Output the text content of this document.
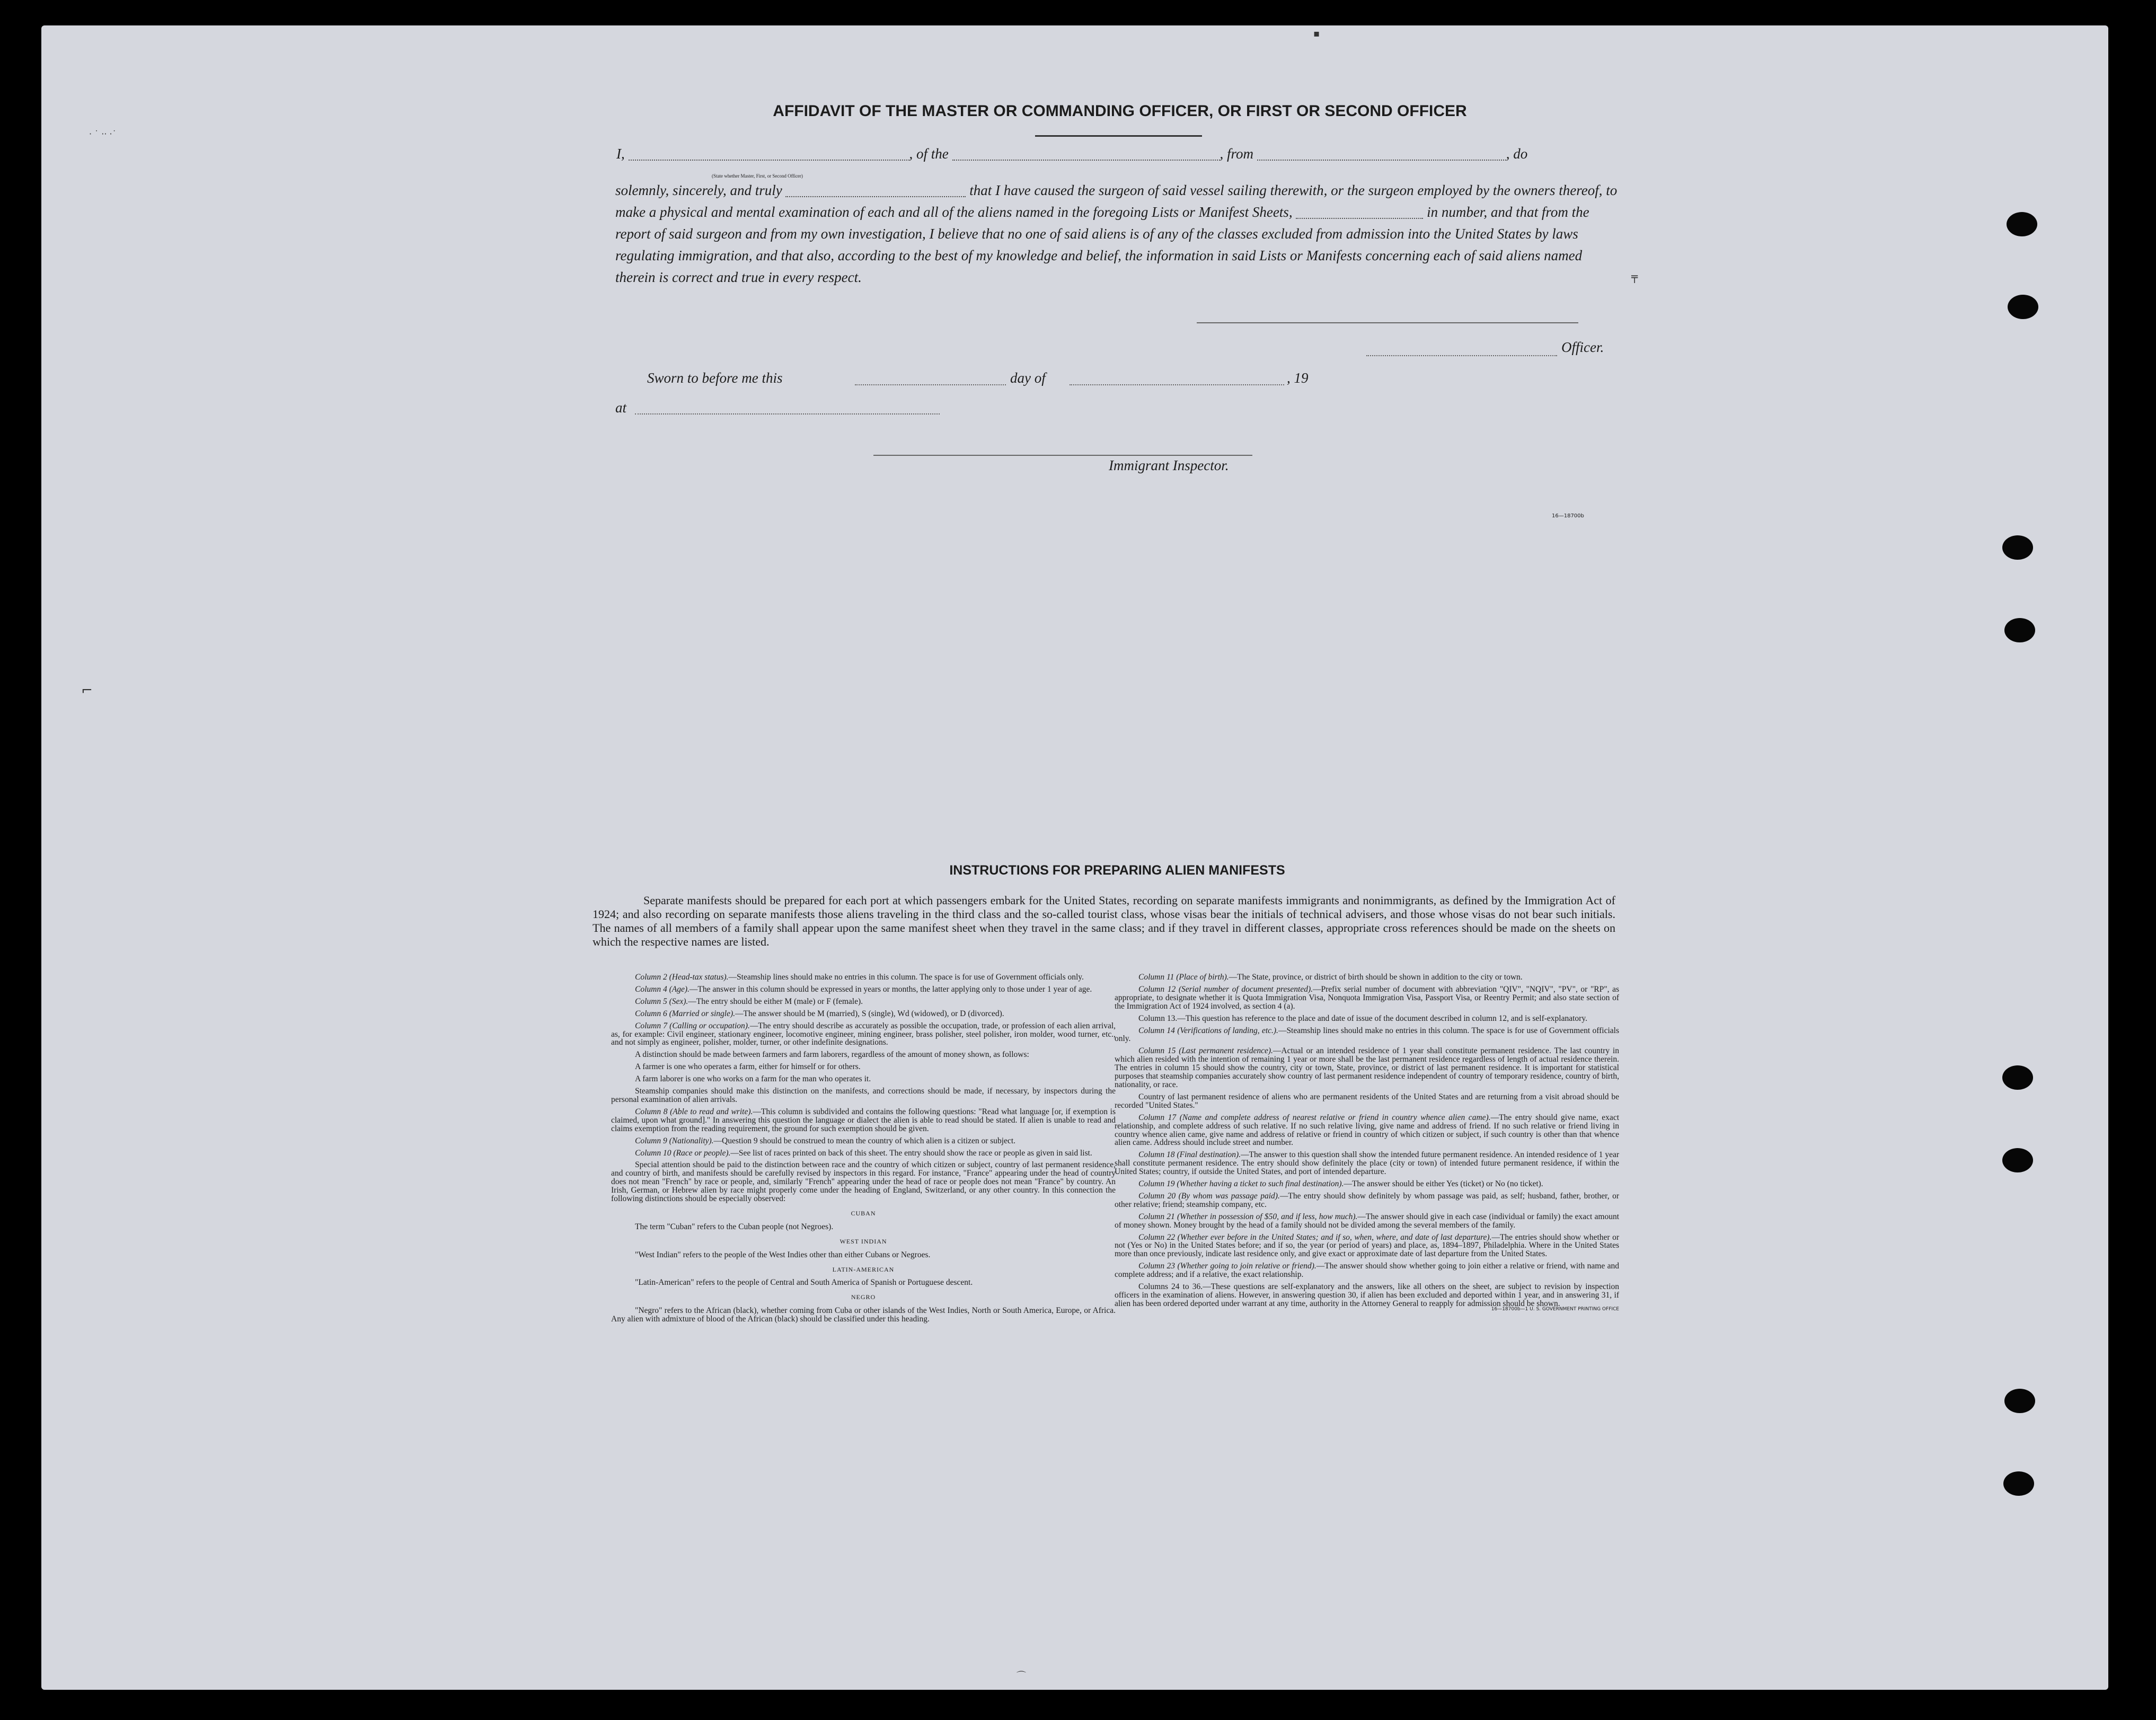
· ˙ ·· ·˙
▪
╤
⌐
⌒
AFFIDAVIT OF THE MASTER OR COMMANDING OFFICER, OR FIRST OR SECOND OFFICER
I,	, of the	, from	, do
(State whether Master, First, or Second Officer)
solemnly, sincerely, and truly	that I have caused the surgeon of said vessel sailing therewith, or the surgeon employed by the owners thereof, to make a physical and mental examination of each and all of the aliens named in the foregoing Lists or Manifest Sheets,	in number, and that from the report of said surgeon and from my own investigation, I believe that no one of said aliens is of any of the classes excluded from admission into the United States by laws regulating immigration, and that also, according to the best of my knowledge and belief, the information in said Lists or Manifests concerning each of said aliens named therein is correct and true in every respect.
Officer.
Sworn to before me this	day of	, 19
at
Immigrant Inspector.
16—18700b
INSTRUCTIONS FOR PREPARING ALIEN MANIFESTS
Separate manifests should be prepared for each port at which passengers embark for the United States, recording on separate manifests immigrants and nonimmigrants, as defined by the Immigration Act of 1924; and also recording on separate manifests those aliens traveling in the third class and the so-called tourist class, whose visas bear the initials of technical advisers, and those whose visas do not bear such initials. The names of all members of a family shall appear upon the same manifest sheet when they travel in the same class; and if they travel in different classes, appropriate cross references should be made on the sheets on which the respective names are listed.

Column 2 (Head-tax status).—Steamship lines should make no entries in this column. The space is for use of Government officials only.

Column 4 (Age).—The answer in this column should be expressed in years or months, the latter applying only to those under 1 year of age.

Column 5 (Sex).—The entry should be either M (male) or F (female).

Column 6 (Married or single).—The answer should be M (married), S (single), Wd (widowed), or D (divorced).

Column 7 (Calling or occupation).—The entry should describe as accurately as possible the occupation, trade, or profession of each alien arrival, as, for example: Civil engineer, stationary engineer, locomotive engineer, mining engineer, brass polisher, steel polisher, iron molder, wood turner, etc., and not simply as engineer, polisher, molder, turner, or other indefinite designations.

A distinction should be made between farmers and farm laborers, regardless of the amount of money shown, as follows:

A farmer is one who operates a farm, either for himself or for others.

A farm laborer is one who works on a farm for the man who operates it.

Steamship companies should make this distinction on the manifests, and corrections should be made, if necessary, by inspectors during the personal examination of alien arrivals.

Column 8 (Able to read and write).—This column is subdivided and contains the following questions: "Read what language [or, if exemption is claimed, upon what ground]." In answering this question the language or dialect the alien is able to read should be stated. If alien is unable to read and claims exemption from the reading requirement, the ground for such exemption should be given.

Column 9 (Nationality).—Question 9 should be construed to mean the country of which alien is a citizen or subject.

Column 10 (Race or people).—See list of races printed on back of this sheet. The entry should show the race or people as given in said list.

Special attention should be paid to the distinction between race and the country of which citizen or subject, country of last permanent residence, and country of birth, and manifests should be carefully revised by inspectors in this regard. For instance, "France" appearing under the head of country does not mean "French" by race or people, and, similarly "French" appearing under the head of race or people does not mean "France" by country. An Irish, German, or Hebrew alien by race might properly come under the heading of England, Switzerland, or any other country. In this connection the following distinctions should be especially observed:

CUBAN

The term "Cuban" refers to the Cuban people (not Negroes).

WEST INDIAN

"West Indian" refers to the people of the West Indies other than either Cubans or Negroes.

LATIN-AMERICAN

"Latin-American" refers to the people of Central and South America of Spanish or Portuguese descent.

NEGRO

"Negro" refers to the African (black), whether coming from Cuba or other islands of the West Indies, North or South America, Europe, or Africa. Any alien with admixture of blood of the African (black) should be classified under this heading.

Column 11 (Place of birth).—The State, province, or district of birth should be shown in addition to the city or town.

Column 12 (Serial number of document presented).—Prefix serial number of document with abbreviation "QIV", "NQIV", "PV", or "RP", as appropriate, to designate whether it is Quota Immigration Visa, Nonquota Immigration Visa, Passport Visa, or Reentry Permit; and also state section of the Immigration Act of 1924 involved, as section 4 (a).

Column 13.—This question has reference to the place and date of issue of the document described in column 12, and is self-explanatory.

Column 14 (Verifications of landing, etc.).—Steamship lines should make no entries in this column. The space is for use of Government officials only.

Column 15 (Last permanent residence).—Actual or an intended residence of 1 year shall constitute permanent residence. The last country in which alien resided with the intention of remaining 1 year or more shall be the last permanent residence regardless of length of actual residence therein. The entries in column 15 should show the country, city or town, State, province, or district of last permanent residence. It is important for statistical purposes that steamship companies accurately show country of last permanent residence independent of country of temporary residence, country of birth, nationality, or race.

Country of last permanent residence of aliens who are permanent residents of the United States and are returning from a visit abroad should be recorded "United States."

Column 17 (Name and complete address of nearest relative or friend in country whence alien came).—The entry should give name, exact relationship, and complete address of such relative. If no such relative living, give name and address of friend. If no such relative or friend living in country whence alien came, give name and address of relative or friend in country of which citizen or subject, if such country is other than that whence alien came. Address should include street and number.

Column 18 (Final destination).—The answer to this question shall show the intended future permanent residence. An intended residence of 1 year shall constitute permanent residence. The entry should show definitely the place (city or town) of intended future permanent residence, if within the United States; country, if outside the United States, and port of intended departure.

Column 19 (Whether having a ticket to such final destination).—The answer should be either Yes (ticket) or No (no ticket).

Column 20 (By whom was passage paid).—The entry should show definitely by whom passage was paid, as self; husband, father, brother, or other relative; friend; steamship company, etc.

Column 21 (Whether in possession of $50, and if less, how much).—The answer should give in each case (individual or family) the exact amount of money shown. Money brought by the head of a family should not be divided among the several members of the family.

Column 22 (Whether ever before in the United States; and if so, when, where, and date of last departure).—The entries should show whether or not (Yes or No) in the United States before; and if so, the year (or period of years) and place, as, 1894–1897, Philadelphia. Where in the United States more than once previously, indicate last residence only, and give exact or approximate date of last departure from the United States.

Column 23 (Whether going to join relative or friend).—The answer should show whether going to join either a relative or friend, with name and complete address; and if a relative, the exact relationship.

Columns 24 to 36.—These questions are self-explanatory and the answers, like all others on the sheet, are subject to revision by inspection officers in the examination of aliens. However, in answering question 30, if alien has been excluded and deported within 1 year, and in answering 31, if alien has been ordered deported under warrant at any time, authority in the Attorney General to reapply for admission should be shown.

16—18700b—1 U. S. GOVERNMENT PRINTING OFFICE
